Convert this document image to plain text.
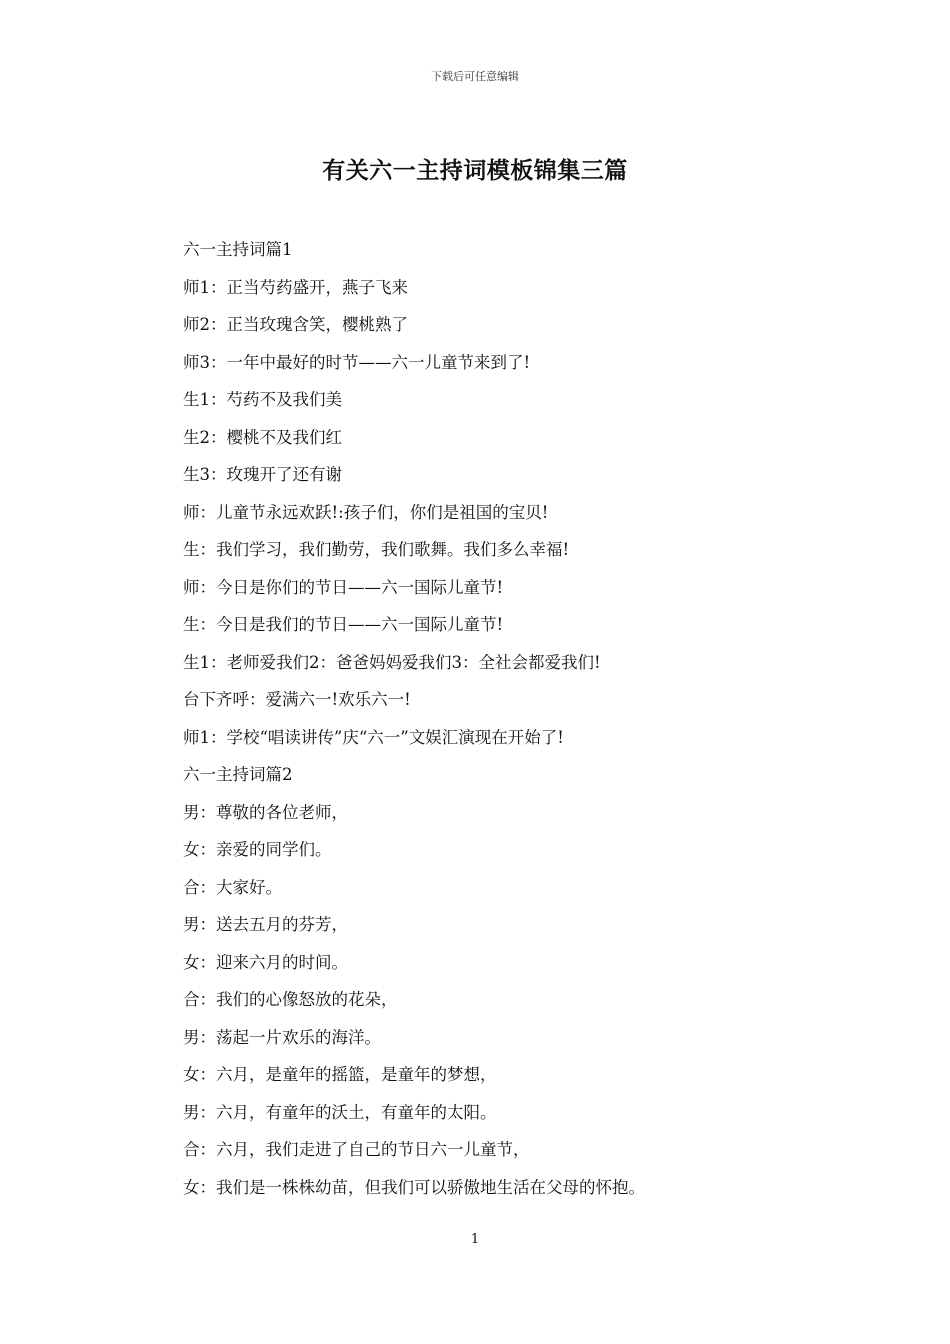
下载后可任意编辑
有关六一主持词模板锦集三篇
六一主持词篇1
师1：正当芍药盛开，燕子飞来
师2：正当玫瑰含笑，樱桃熟了
师3：一年中最好的时节——六一儿童节来到了!
生1：芍药不及我们美
生2：樱桃不及我们红
生3：玫瑰开了还有谢
师：儿童节永远欢跃!:孩子们，你们是祖国的宝贝!
生：我们学习，我们勤劳，我们歌舞。我们多么幸福!
师：今日是你们的节日——六一国际儿童节!
生：今日是我们的节日——六一国际儿童节!
生1：老师爱我们2：爸爸妈妈爱我们3：全社会都爱我们!
台下齐呼：爱满六一!欢乐六一!
师1：学校“唱读讲传”庆“六一”文娱汇演现在开始了!
六一主持词篇2
男：尊敬的各位老师，
女：亲爱的同学们。
合：大家好。
男：送去五月的芬芳，
女：迎来六月的时间。
合：我们的心像怒放的花朵，
男：荡起一片欢乐的海洋。
女：六月，是童年的摇篮，是童年的梦想，
男：六月，有童年的沃土，有童年的太阳。
合：六月，我们走进了自己的节日六一儿童节，
女：我们是一株株幼苗，但我们可以骄傲地生活在父母的怀抱。
1
